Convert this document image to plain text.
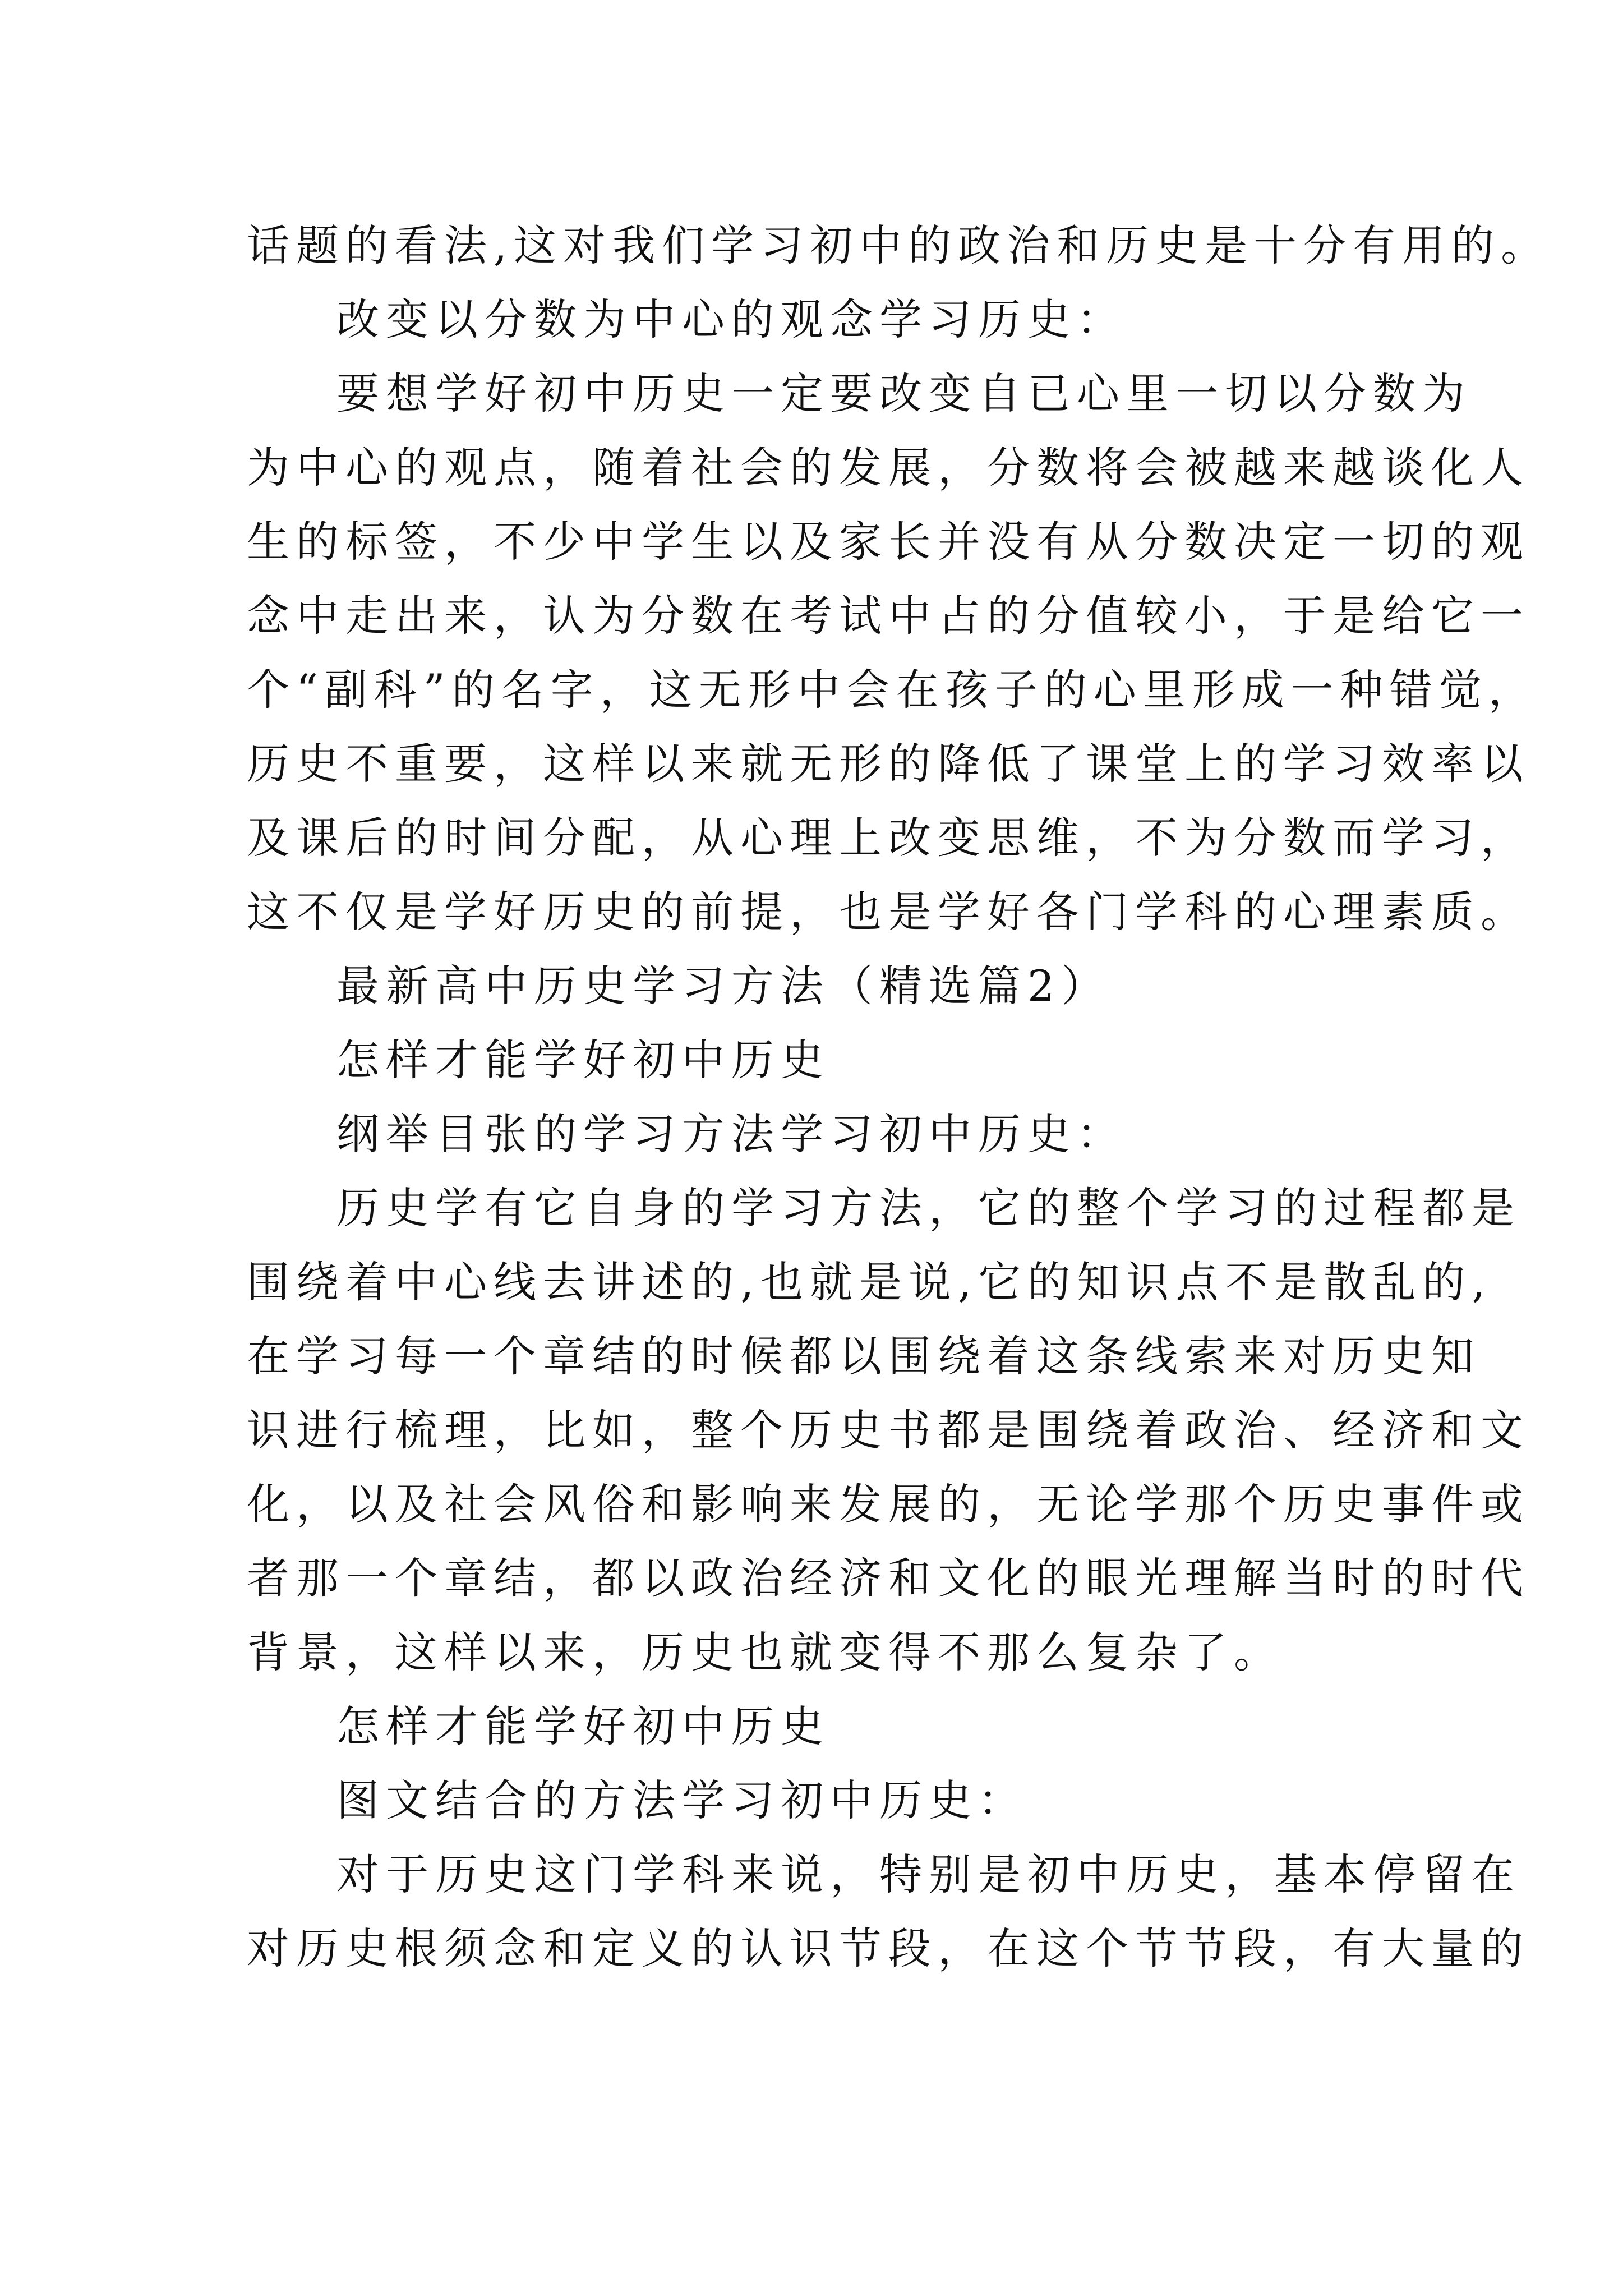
话题的看法,这对我们学习初中的政治和历史是十分有用的。
改变以分数为中心的观念学习历史：
要想学好初中历史一定要改变自已心里一切以分数为
为中心的观点，随着社会的发展，分数将会被越来越谈化人
生的标签，不少中学生以及家长并没有从分数决定一切的观
念中走出来，认为分数在考试中占的分值较小，于是给它一
个“副科”的名字，这无形中会在孩子的心里形成一种错觉，
历史不重要，这样以来就无形的降低了课堂上的学习效率以
及课后的时间分配，从心理上改变思维，不为分数而学习，
这不仅是学好历史的前提，也是学好各门学科的心理素质。
最新高中历史学习方法（精选篇2）
怎样才能学好初中历史
纲举目张的学习方法学习初中历史：
历史学有它自身的学习方法，它的整个学习的过程都是
围绕着中心线去讲述的,也就是说,它的知识点不是散乱的,
在学习每一个章结的时候都以围绕着这条线索来对历史知
识进行梳理，比如，整个历史书都是围绕着政治、经济和文
化，以及社会风俗和影响来发展的，无论学那个历史事件或
者那一个章结，都以政治经济和文化的眼光理解当时的时代
背景，这样以来，历史也就变得不那么复杂了。
怎样才能学好初中历史
图文结合的方法学习初中历史：
对于历史这门学科来说，特别是初中历史，基本停留在
对历史根须念和定义的认识节段，在这个节节段，有大量的
